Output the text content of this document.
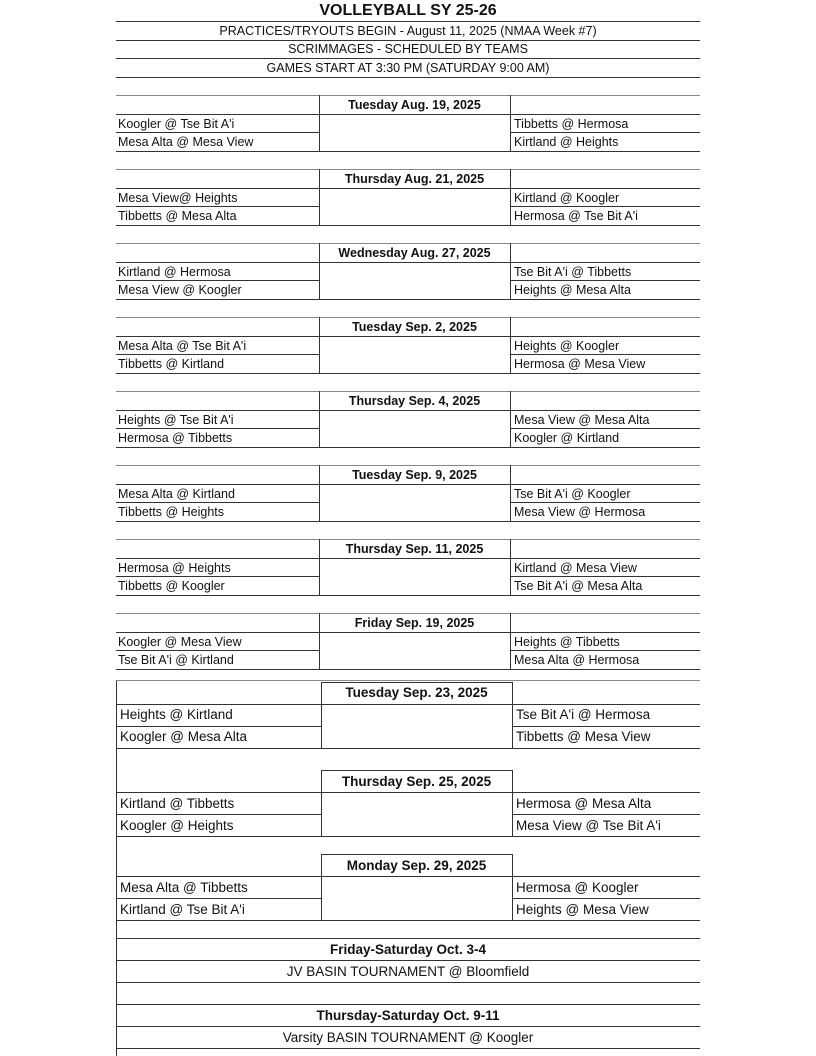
VOLLEYBALL SY 25-26
PRACTICES/TRYOUTS BEGIN - August 11, 2025 (NMAA Week #7)
SCRIMMAGES - SCHEDULED BY TEAMS
GAMES START AT 3:30 PM (SATURDAY 9:00 AM)
Tuesday Aug. 19, 2025
Koogler @ Tse Bit A'i	Tibbetts @ Hermosa
Mesa Alta @ Mesa View	Kirtland @ Heights
Thursday Aug. 21, 2025
Mesa View@ Heights	Kirtland @ Koogler
Tibbetts @ Mesa Alta	Hermosa @ Tse Bit A'i
Wednesday Aug. 27, 2025
Kirtland @ Hermosa	Tse Bit A'i @ Tibbetts
Mesa View @ Koogler	Heights @ Mesa Alta
Tuesday Sep. 2, 2025
Mesa Alta @ Tse Bit A'i	Heights @ Koogler
Tibbetts @ Kirtland	Hermosa @ Mesa View
Thursday Sep. 4, 2025
Heights @ Tse Bit A'i	Mesa View @ Mesa Alta
Hermosa @ Tibbetts	Koogler @ Kirtland
Tuesday Sep. 9, 2025
Mesa Alta @ Kirtland	Tse Bit A'i @ Koogler
Tibbetts @ Heights	Mesa View @ Hermosa
Thursday Sep. 11, 2025
Hermosa @ Heights	Kirtland @ Mesa View
Tibbetts @ Koogler	Tse Bit A'i @ Mesa Alta
Friday Sep. 19, 2025
Koogler @ Mesa View	Heights @ Tibbetts
Tse Bit A'i @ Kirtland	Mesa Alta @ Hermosa
Tuesday Sep. 23, 2025
Heights @ Kirtland	Tse Bit A'i @ Hermosa
Koogler @ Mesa Alta	Tibbetts @ Mesa View
Thursday Sep. 25, 2025
Kirtland @ Tibbetts	Hermosa @ Mesa Alta
Koogler @ Heights	Mesa View @ Tse Bit A'i
Monday Sep. 29, 2025
Mesa Alta @ Tibbetts	Hermosa @ Koogler
Kirtland @ Tse Bit A'i	Heights @ Mesa View
Friday-Saturday Oct. 3-4
JV BASIN TOURNAMENT @ Bloomfield
Thursday-Saturday Oct. 9-11
Varsity BASIN TOURNAMENT @ Koogler
